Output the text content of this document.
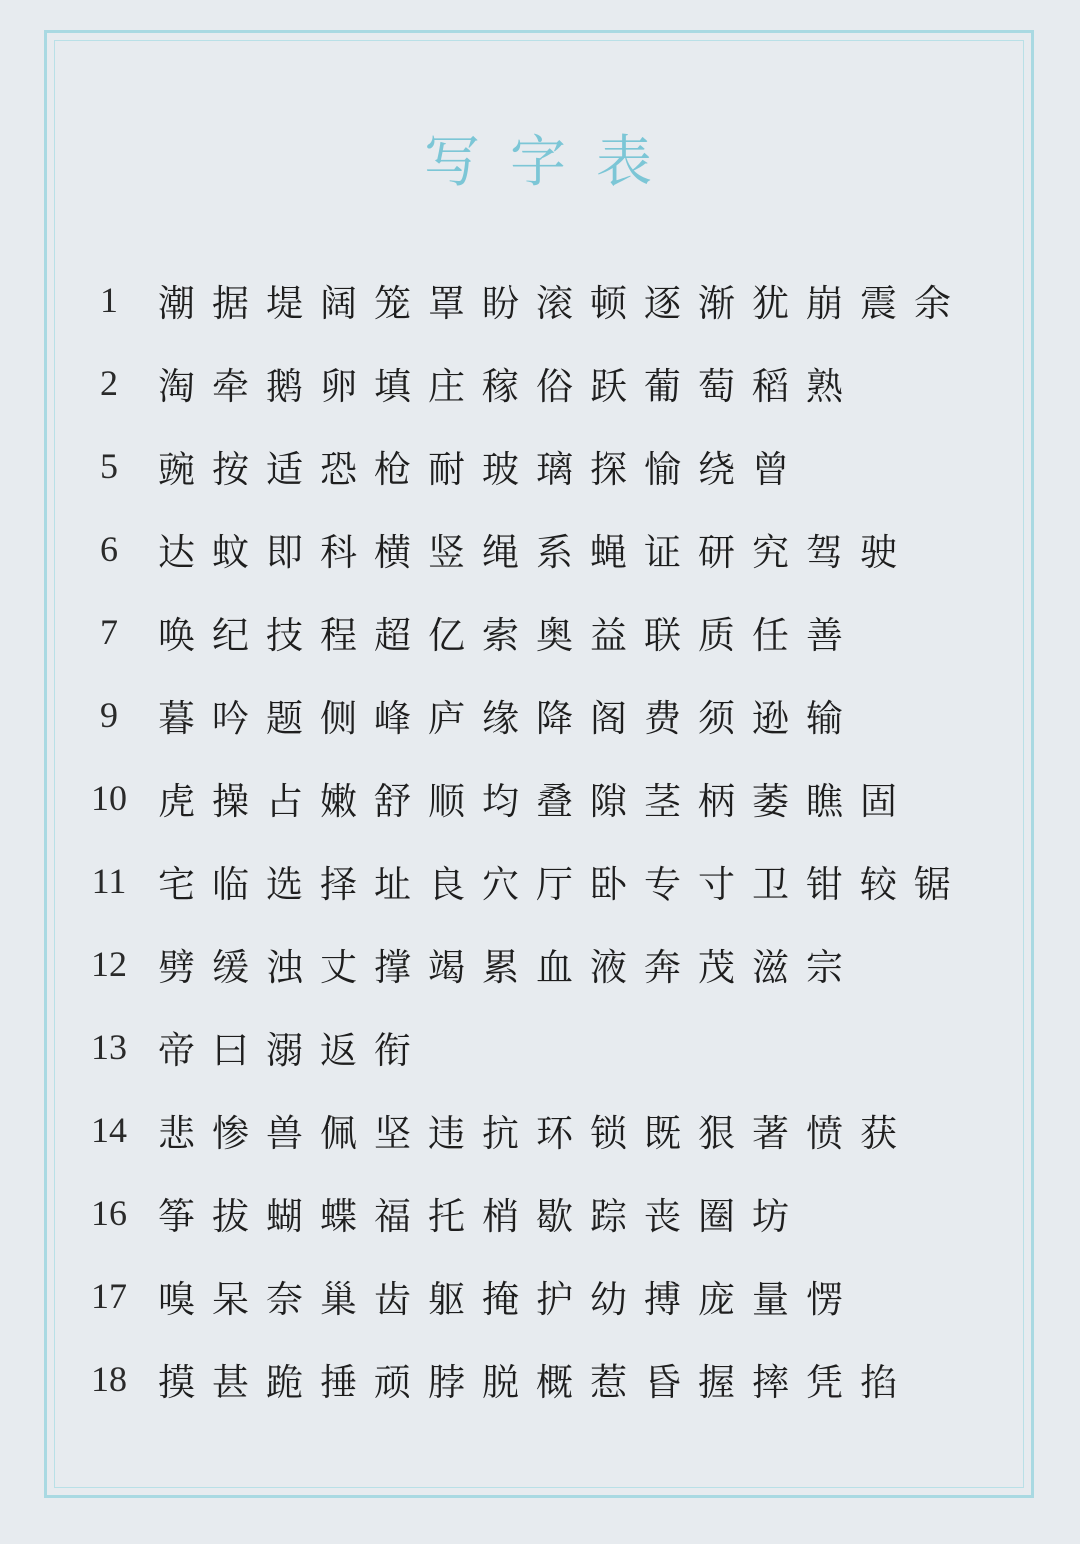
写字表
1	潮据堤阔笼罩盼滚顿逐渐犹崩震余
2	淘牵鹅卵填庄稼俗跃葡萄稻熟
5	豌按适恐枪耐玻璃探愉绕曾
6	达蚊即科横竖绳系蝇证研究驾驶
7	唤纪技程超亿索奥益联质任善
9	暮吟题侧峰庐缘降阁费须逊输
10 虎操占嫩舒顺均叠隙茎柄萎瞧固
11 宅临选择址良穴厅卧专寸卫钳较锯
12 劈缓浊丈撑竭累血液奔茂滋宗
13 帝曰溺返衔
14 悲惨兽佩坚违抗环锁既狠著愤获
16 筝拔蝴蝶福托梢歇踪丧圈坊
17 嗅呆奈巢齿躯掩护幼搏庞量愣
18 摸甚跪捶顽脖脱概惹昏握摔凭掐
